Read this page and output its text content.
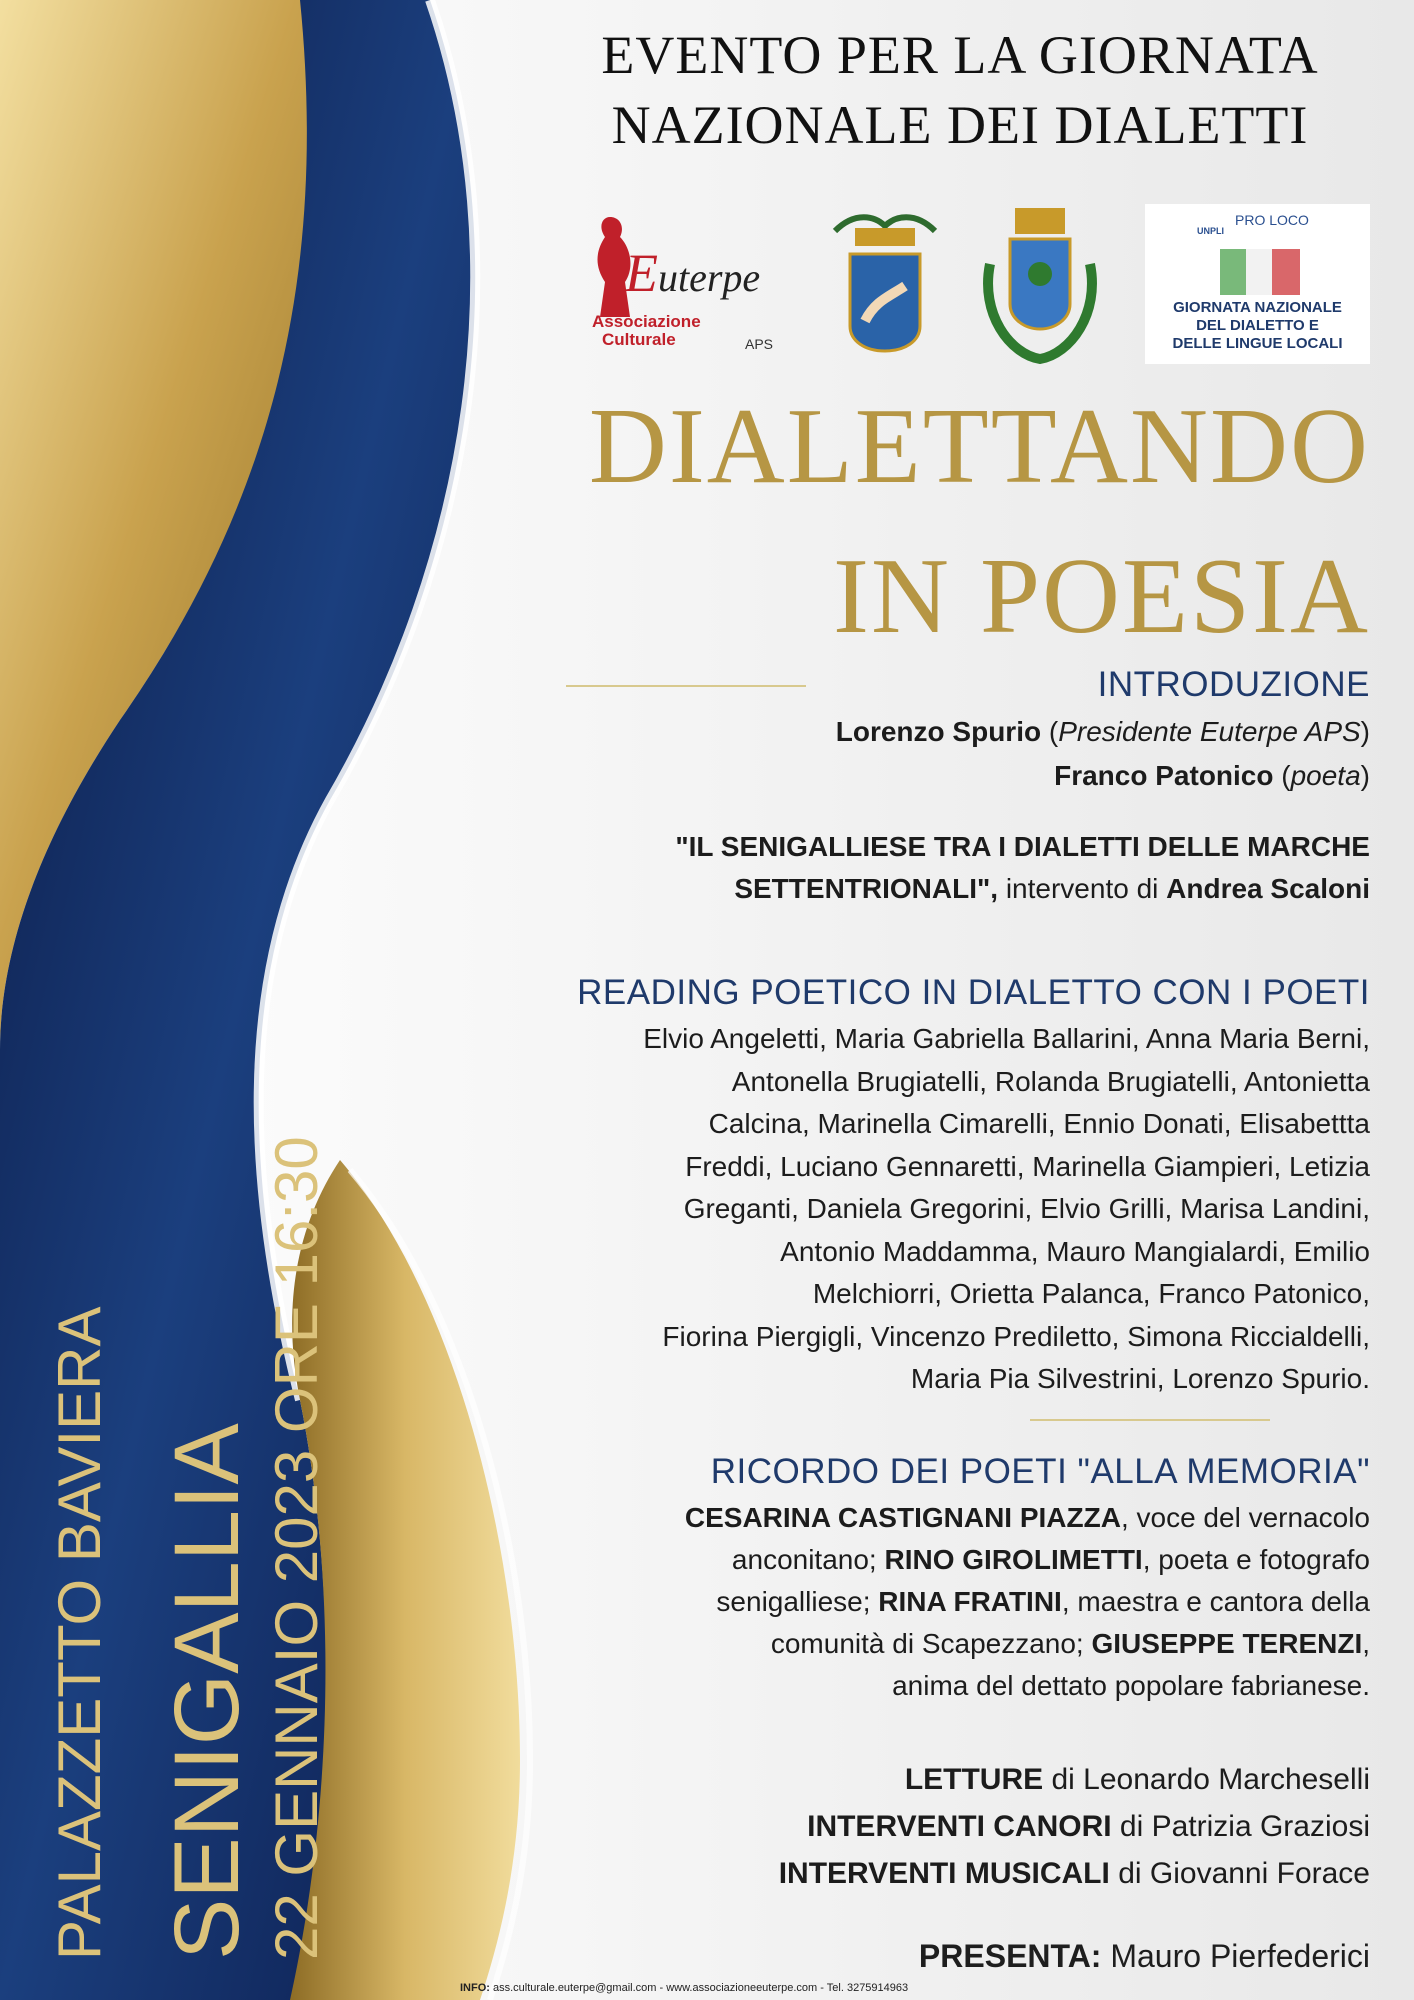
EVENTO PER LA GIORNATA
NAZIONALE DEI DIALETTI
E uterpe
Associazione
Culturale	APS
PRO LOCO
UNPLI
GIORNATA NAZIONALE
DEL DIALETTO E
DELLE LINGUE LOCALI
DIALETTANDO
IN POESIA
INTRODUZIONE
Lorenzo Spurio (Presidente Euterpe APS)
Franco Patonico (poeta)
"IL SENIGALLIESE TRA I DIALETTI DELLE MARCHE
SETTENTRIONALI", intervento di Andrea Scaloni
READING POETICO IN DIALETTO CON I POETI
Elvio Angeletti, Maria Gabriella Ballarini, Anna Maria Berni,
Antonella Brugiatelli, Rolanda Brugiatelli, Antonietta
Calcina, Marinella Cimarelli, Ennio Donati, Elisabettta
Freddi, Luciano Gennaretti, Marinella Giampieri, Letizia
Greganti, Daniela Gregorini, Elvio Grilli, Marisa Landini,
Antonio Maddamma, Mauro Mangialardi, Emilio
Melchiorri, Orietta Palanca, Franco Patonico,
Fiorina Piergigli, Vincenzo Prediletto, Simona Riccialdelli,
Maria Pia Silvestrini, Lorenzo Spurio.
RICORDO DEI POETI "ALLA MEMORIA"
CESARINA CASTIGNANI PIAZZA, voce del vernacolo
anconitano; RINO GIROLIMETTI, poeta e fotografo
senigalliese; RINA FRATINI, maestra e cantora della
comunità di Scapezzano; GIUSEPPE TERENZI,
anima del dettato popolare fabrianese.
LETTURE di Leonardo Marcheselli
INTERVENTI CANORI di Patrizia Graziosi
INTERVENTI MUSICALI di Giovanni Forace
PRESENTA: Mauro Pierfederici
PALAZZETTO BAVIERA SENIGALLIA 22 GENNAIO 2023 ORE 16:30
INFO: ass.culturale.euterpe@gmail.com - www.associazioneeuterpe.com - Tel. 3275914963
